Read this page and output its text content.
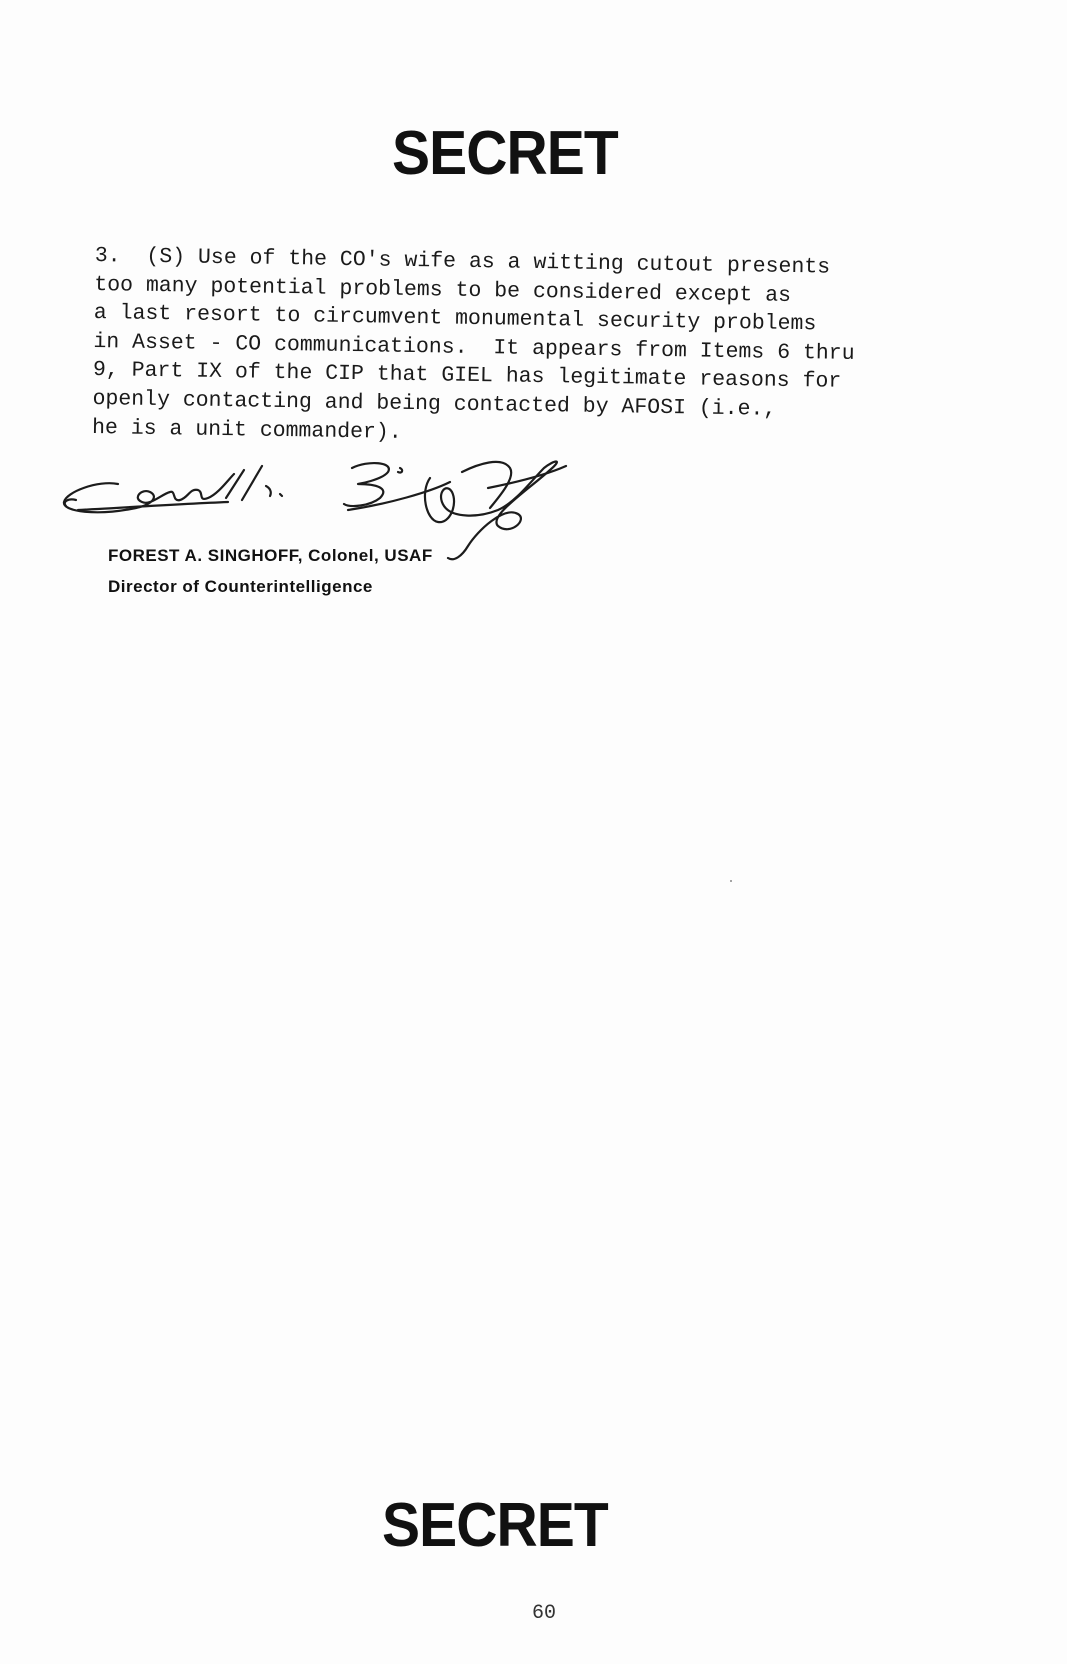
SECRET
3.  (S) Use of the CO's wife as a witting cutout presents
too many potential problems to be considered except as
a last resort to circumvent monumental security problems
in Asset - CO communications.  It appears from Items 6 thru
9, Part IX of the CIP that GIEL has legitimate reasons for
openly contacting and being contacted by AFOSI (i.e.,
he is a unit commander).
FOREST A. SINGHOFF, Colonel, USAF
Director of Counterintelligence
SECRET
60
